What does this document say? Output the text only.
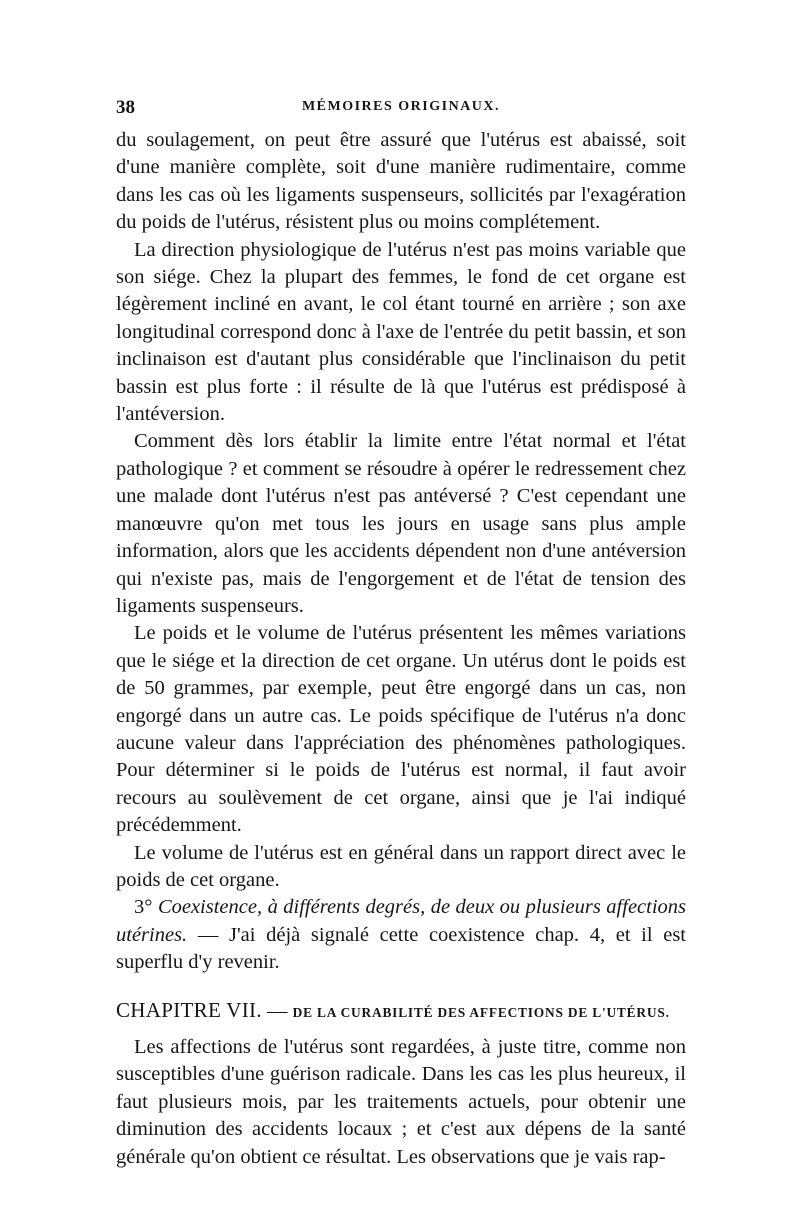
38	MÉMOIRES ORIGINAUX.

du soulagement, on peut être assuré que l'utérus est abaissé, soit d'une manière complète, soit d'une manière rudimentaire, comme dans les cas où les ligaments suspenseurs, sollicités par l'exagération du poids de l'utérus, résistent plus ou moins complétement.

La direction physiologique de l'utérus n'est pas moins variable que son siége. Chez la plupart des femmes, le fond de cet organe est légèrement incliné en avant, le col étant tourné en arrière ; son axe longitudinal correspond donc à l'axe de l'entrée du petit bassin, et son inclinaison est d'autant plus considérable que l'inclinaison du petit bassin est plus forte : il résulte de là que l'utérus est prédisposé à l'antéversion.

Comment dès lors établir la limite entre l'état normal et l'état pathologique ? et comment se résoudre à opérer le redressement chez une malade dont l'utérus n'est pas antéversé ? C'est cependant une manœuvre qu'on met tous les jours en usage sans plus ample information, alors que les accidents dépendent non d'une antéversion qui n'existe pas, mais de l'engorgement et de l'état de tension des ligaments suspenseurs.

Le poids et le volume de l'utérus présentent les mêmes variations que le siége et la direction de cet organe. Un utérus dont le poids est de 50 grammes, par exemple, peut être engorgé dans un cas, non engorgé dans un autre cas. Le poids spécifique de l'utérus n'a donc aucune valeur dans l'appréciation des phénomènes pathologiques. Pour déterminer si le poids de l'utérus est normal, il faut avoir recours au soulèvement de cet organe, ainsi que je l'ai indiqué précédemment.

Le volume de l'utérus est en général dans un rapport direct avec le poids de cet organe.

3° Coexistence, à différents degrés, de deux ou plusieurs affections utérines. — J'ai déjà signalé cette coexistence chap. 4, et il est superflu d'y revenir.

CHAPITRE VII. — DE LA CURABILITÉ DES AFFECTIONS DE L'UTÉRUS.

Les affections de l'utérus sont regardées, à juste titre, comme non susceptibles d'une guérison radicale. Dans les cas les plus heureux, il faut plusieurs mois, par les traitements actuels, pour obtenir une diminution des accidents locaux ; et c'est aux dépens de la santé générale qu'on obtient ce résultat. Les observations que je vais rap-
